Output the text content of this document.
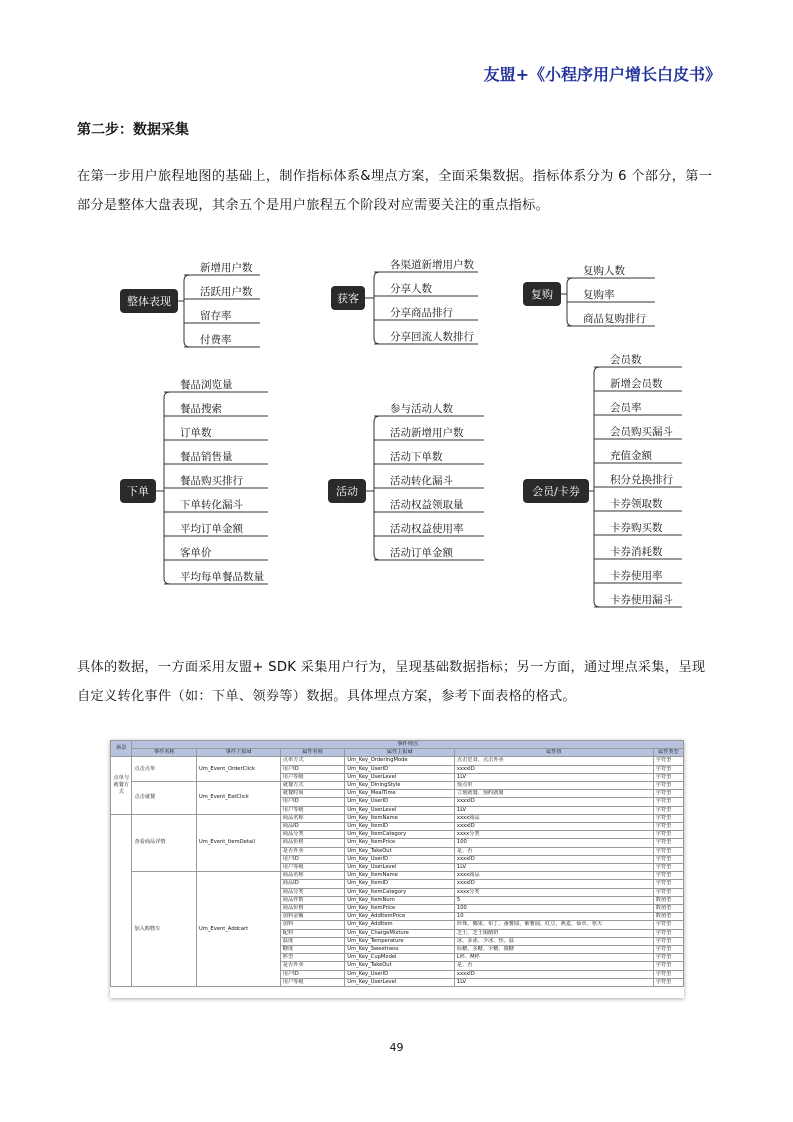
友盟+《小程序用户增长白皮书》
第二步：数据采集
在第一步用户旅程地图的基础上，制作指标体系&埋点方案，全面采集数据。指标体系分为 6 个部分，第一部分是整体大盘表现，其余五个是用户旅程五个阶段对应需要关注的重点指标。
整体表现
新增用户数
活跃用户数
留存率
付费率
获客
各渠道新增用户数
分享人数
分享商品排行
分享回流人数排行
复购
复购人数
复购率
商品复购排行
下单
餐品浏览量
餐品搜索
订单数
餐品销售量
餐品购买排行
下单转化漏斗
平均订单金额
客单价
平均每单餐品数量
活动
参与活动人数
活动新增用户数
活动下单数
活动转化漏斗
活动权益领取量
活动权益使用率
活动订单金额
会员/卡券
会员数
新增会员数
会员率
会员购买漏斗
充值金额
积分兑换排行
卡券领取数
卡券购买数
卡券消耗数
卡券使用率
卡券使用漏斗
具体的数据，一方面采用友盟+ SDK 采集用户行为，呈现基础数据指标；另一方面，通过埋点采集，呈现自定义转化事件（如：下单、领券等）数据。具体埋点方案，参考下面表格的格式。
场景	事件埋点					
	事件名称	事件上报id	属性名称	属性上报id	属性值	属性类型
点单与就餐方式	点击点单	Um_Event_OrderClick	点单方式	Um_Key_OrderingMode	点击堂食、点击外卖	字符型
			用户ID	Um_Key_UserID	xxxxID	字符型
			用户等级	Um_Key_UserLevel	1LV	字符型
	点击就餐	Um_Event_EatClick	就餐方式	Um_Key_DiningStyle	预点单	字符型
			就餐时间	Um_Key_MealTime	立刻就餐、预约就餐	字符型
			用户ID	Um_Key_UserID	xxxxID	字符型
			用户等级	Um_Key_UserLevel	1LV	字符型
	查看商品详情	Um_Event_ItemDetail	商品名称	Um_Key_ItemName	xxxx商品	字符型
			商品ID	Um_Key_ItemID	xxxxID	字符型
			商品分类	Um_Key_ItemCategory	xxxx分类	字符型
			商品价格	Um_Key_ItemPrice	100	字符型
			是否外卖	Um_Key_TakeOut	是、否	字符型
			用户ID	Um_Key_UserID	xxxxID	字符型
			用户等级	Um_Key_UserLevel	1LV	字符型
	加入购物车	Um_Event_Addcart	商品名称	Um_Key_ItemName	xxxx商品	字符型
			商品ID	Um_Key_ItemID	xxxxID	字符型
			商品分类	Um_Key_ItemCategory	xxxx分类	字符型
			商品件数	Um_Key_ItemNum	5	数值型
			商品价格	Um_Key_ItemPrice	100	数值型
			加料金额	Um_Key_AddItemPrice	10	数值型
			加料	Um_Key_AddItem	珍珠、椰果、布丁、番薯圆、紫薯圆、红豆、燕麦、仙草、寒天	字符型
			配料	Um_Key_ChargeMixture	芝士、芝士焗酪奶	字符型
			温度	Um_Key_Temperature	冰、多冰、少冰、热、温	字符型
			糖度	Um_Key_Sweetness	标糖、多糖、少糖、微糖	字符型
			杯型	Um_Key_CupModel	L杯、M杯	字符型
			是否外卖	Um_Key_TakeOut	是、否	字符型
			用户ID	Um_Key_UserID	xxxxID	字符型
			用户等级	Um_Key_UserLevel	1LV	字符型
49
